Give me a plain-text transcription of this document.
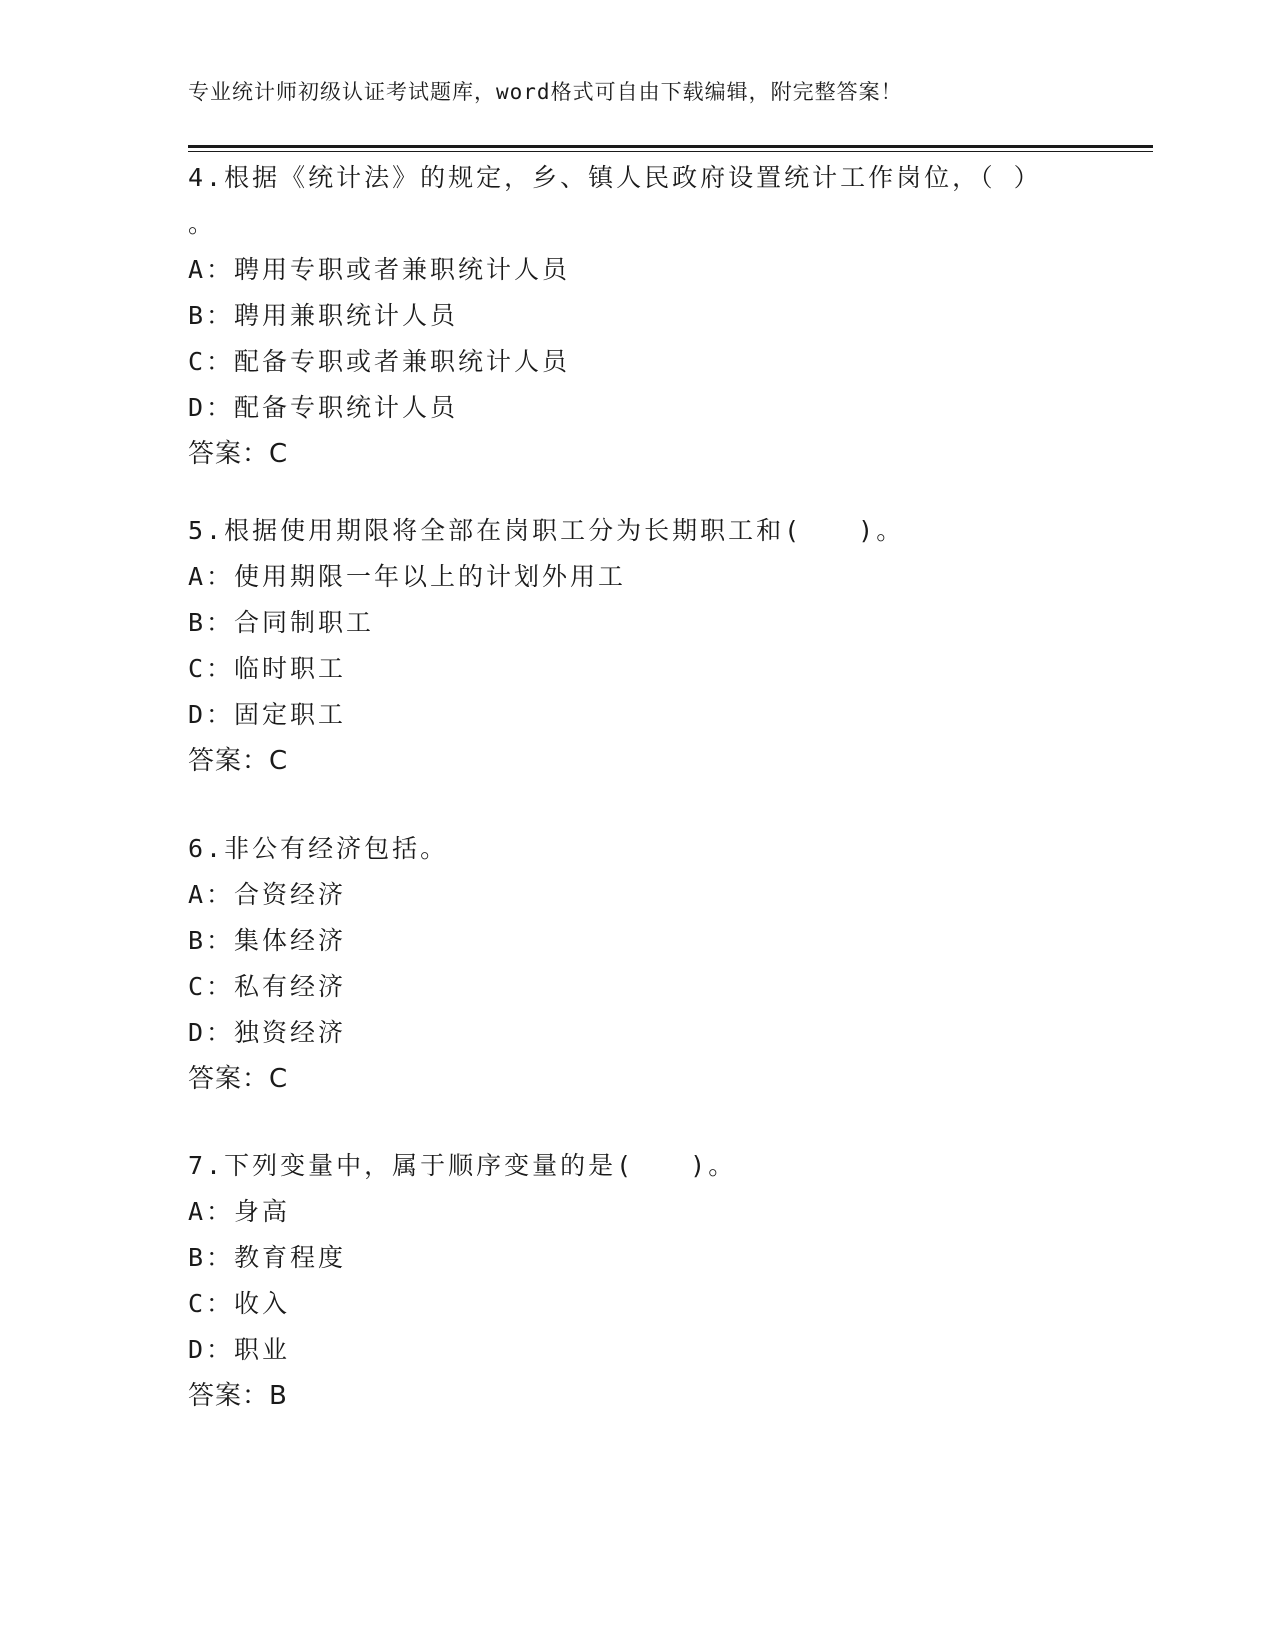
专业统计师初级认证考试题库，word格式可自由下载编辑，附完整答案！
4.根据《统计法》的规定，乡、镇人民政府设置统计工作岗位，（ ）
。
A：聘用专职或者兼职统计人员
B：聘用兼职统计人员
C：配备专职或者兼职统计人员
D：配备专职统计人员
答案：C
5.根据使用期限将全部在岗职工分为长期职工和(　　)。
A：使用期限一年以上的计划外用工
B：合同制职工
C：临时职工
D：固定职工
答案：C
6.非公有经济包括。
A：合资经济
B：集体经济
C：私有经济
D：独资经济
答案：C
7.下列变量中，属于顺序变量的是(　　)。
A：身高
B：教育程度
C：收入
D：职业
答案：B
